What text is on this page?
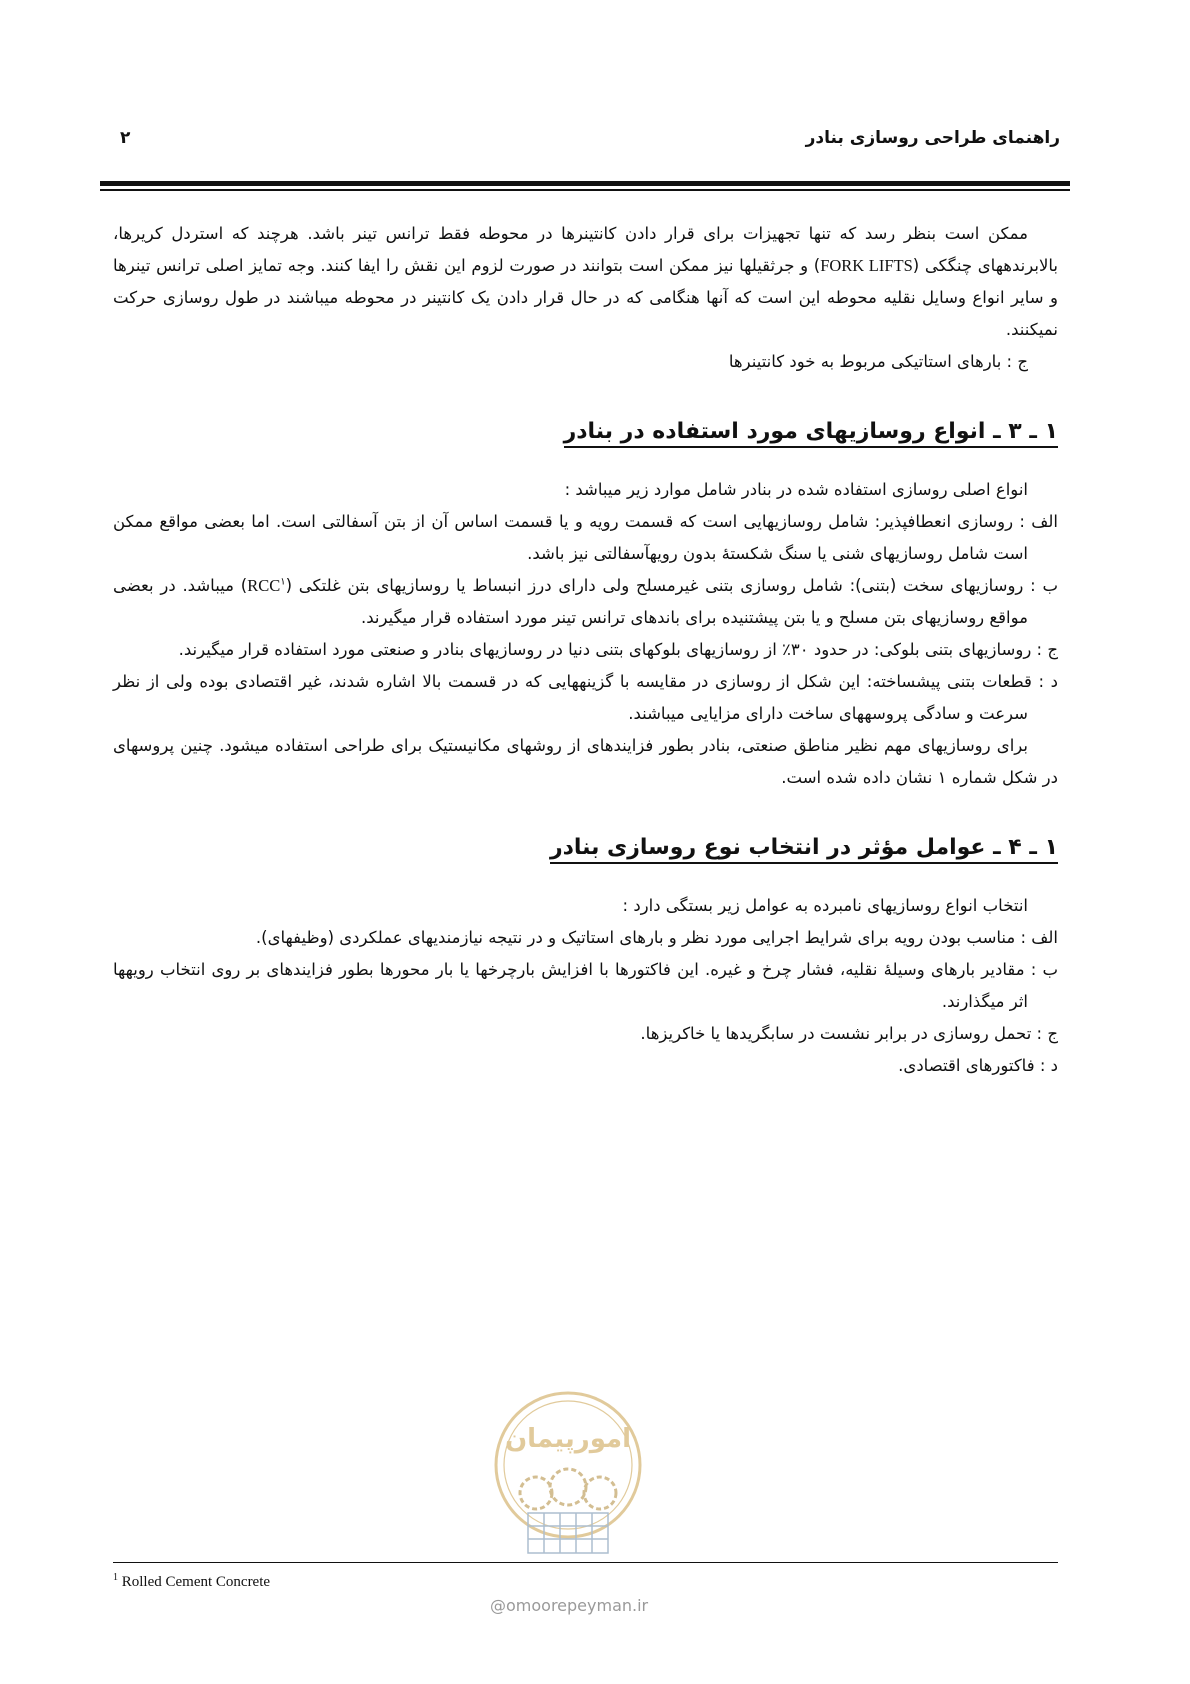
راهنمای طراحی روسازی بنادر
۲

ممکن است بنظر رسد که تنها تجهیزات برای قرار دادن کانتینرها در محوطه فقط ترانس تینر باشد. هرچند که استردل کریرها، بالابرندههای چنگکی (FORK LIFTS) و جرثقیلها نیز ممکن است بتوانند در صورت لزوم این نقش را ایفا کنند. وجه تمایز اصلی ترانس تینرها و سایر انواع وسایل نقلیه محوطه این است که آنها هنگامی که در حال قرار دادن یک کانتینر در محوطه میباشند در طول روسازی حرکت نمیکنند.

ج : بارهای استاتیکی مربوط به خود کانتینرها

۱ ـ ۳ ـ انواع روسازیهای مورد استفاده در بنادر

انواع اصلی روسازی استفاده شده در بنادر شامل موارد زیر میباشد :

الف : روسازی انعطافپذیر: شامل روسازیهایی است که قسمت رویه و یا قسمت اساس آن از بتن آسفالتی است. اما بعضی مواقع ممکن است شامل روسازیهای شنی یا سنگ شکستهٔ بدون رویهآسفالتی نیز باشد.

ب : روسازیهای سخت (بتنی): شامل روسازی بتنی غیرمسلح ولی دارای درز انبساط یا روسازیهای بتن غلتکی (RCC$^۱$) میباشد. در بعضی مواقع روسازیهای بتن مسلح و یا بتن پیشتنیده برای باندهای ترانس تینر مورد استفاده قرار میگیرند.

ج : روسازیهای بتنی بلوکی: در حدود ۳۰٪ از روسازیهای بلوکهای بتنی دنیا در روسازیهای بنادر و صنعتی مورد استفاده قرار میگیرند.

د : قطعات بتنی پیشساخته: این شکل از روسازی در مقایسه با گزینههایی که در قسمت بالا اشاره شدند، غیر اقتصادی بوده ولی از نظر سرعت و سادگی پروسههای ساخت دارای مزایایی میباشند.

برای روسازیهای مهم نظیر مناطق صنعتی، بنادر بطور فزایندهای از روشهای مکانیستیک برای طراحی استفاده میشود. چنین پروسهای در شکل شماره ۱ نشان داده شده است.

۱ ـ ۴ ـ عوامل مؤثر در انتخاب نوع روسازی بنادر

انتخاب انواع روسازیهای نامبرده به عوامل زیر بستگی دارد :

الف : مناسب بودن رویه برای شرایط اجرایی مورد نظر و بارهای استاتیک و در نتیجه نیازمندیهای عملکردی (وظیفهای).

ب : مقادیر بارهای وسیلهٔ نقلیه، فشار چرخ و غیره. این فاکتورها با افزایش بارچرخها یا بار محورها بطور فزایندهای بر روی انتخاب رویهها اثر میگذارند.

ج : تحمل روسازی در برابر نشست در سابگریدها یا خاکریزها.

د : فاکتورهای اقتصادی.

امورپیمان
$^1$ Rolled Cement Concrete
@omoorepeyman.ir
